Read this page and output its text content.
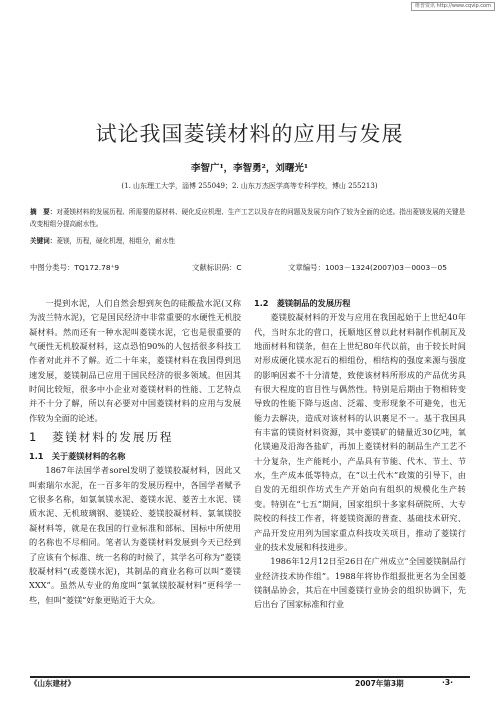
维普资讯 http://www.cqvip.com
试论我国菱镁材料的应用与发展
李智广¹，李智勇²，刘曙光¹
(1. 山东理工大学，淄博 255049；2. 山东万杰医学高等专科学校，博山 255213)
摘　要：对菱镁材料的发展历程、所需要的原材料、硬化反应机理、生产工艺以及存在的问题及发展方向作了较为全面的论述。指出菱镁发展的关键是改变相组分提高耐水性。
关键词：菱镁，历程，硬化机理，相组分，耐水性
中图分类号：TQ172.78⁺9	文献标识码：C	文章编号：1003－1324(2007)03－0003－05

一提到水泥，人们自然会想到灰色的硅酸盐水泥(又称为波兰特水泥)，它是国民经济中非常重要的水硬性无机胶凝材料。然而还有一种水泥叫菱镁水泥，它也是很重要的气硬性无机胶凝材料，这点恐怕90%的人包括很多科技工作者对此并不了解。近二十年来，菱镁材料在我国得到迅速发展，菱镁制品已应用于国民经济的很多领域。但因其时间比较短，很多中小企业对菱镁材料的性能、工艺特点并不十分了解，所以有必要对中国菱镁材料的应用与发展作较为全面的论述。

1　菱镁材料的发展历程
1.1　关于菱镁材料的名称

1867年法国学者sorel发明了菱镁胶凝材料，因此又叫索瑞尔水泥，在一百多年的发展历程中，各国学者赋予它很多名称，如氯氧镁水泥、菱镁水泥、菱苦土水泥、镁质水泥、无机玻璃钢、菱镁砼、菱镁胶凝材料、氯氧镁胶凝材料等，就是在我国的行业标准和部标、国标中所使用的名称也不尽相同。笔者认为菱镁材料发展到今天已经到了应该有个标准、统一名称的时候了，其学名可称为“菱镁胶凝材料”(或菱镁水泥)，其制品的商业名称可以叫“菱镁XXX”。虽然从专业的角度叫“氯氧镁胶凝材料”更科学一些，但叫“菱镁”好象更贴近于大众。

1.2　菱镁制品的发展历程

菱镁胶凝材料的开发与应用在我国起始于上世纪40年代，当时东北的营口，抚顺地区曾以此材料制作机制瓦及地面材料和镁条，但在上世纪80年代以前，由于较长时间对形成硬化镁水泥石的相组份，相结构的强度来源与强度的影响因素不十分清楚，致使该材料所形成的产品优劣具有很大程度的盲目性与偶然性。特别是后期由于物相转变导致的性能下降与返卤、泛霜、变形现象不可避免，也无能力去解决，造成对该材料的认识裹足不一。基于我国具有丰富的镁资材料资源，其中菱镁矿的储量近30亿吨，氧化镁遍及沿海各盐矿，再加上菱镁材料的制品生产工艺不十分复杂，生产能耗小，产品具有节能、代木、节土、节水，生产成本低等特点，在“以土代木”政策的引导下，由自发的无组织作坊式生产开始向有组织的规模化生产转变。特别在“七五”期间，国家组织十多家科研院所、大专院校的科技工作者，将菱镁资源的普查、基础技术研究、产品开发应用列为国家重点科技攻关项目，推动了菱镁行业的技术发展和科技进步。

1986年12月12日至26日在广州成立“全国菱镁制品行业经济技术协作组”。1988年将协作组报批更名为全国菱镁制品协会，其后在中国菱镁行业协会的组织协调下，先后出台了国家标准和行业

《山东建材》	2007年第3期	·3·
